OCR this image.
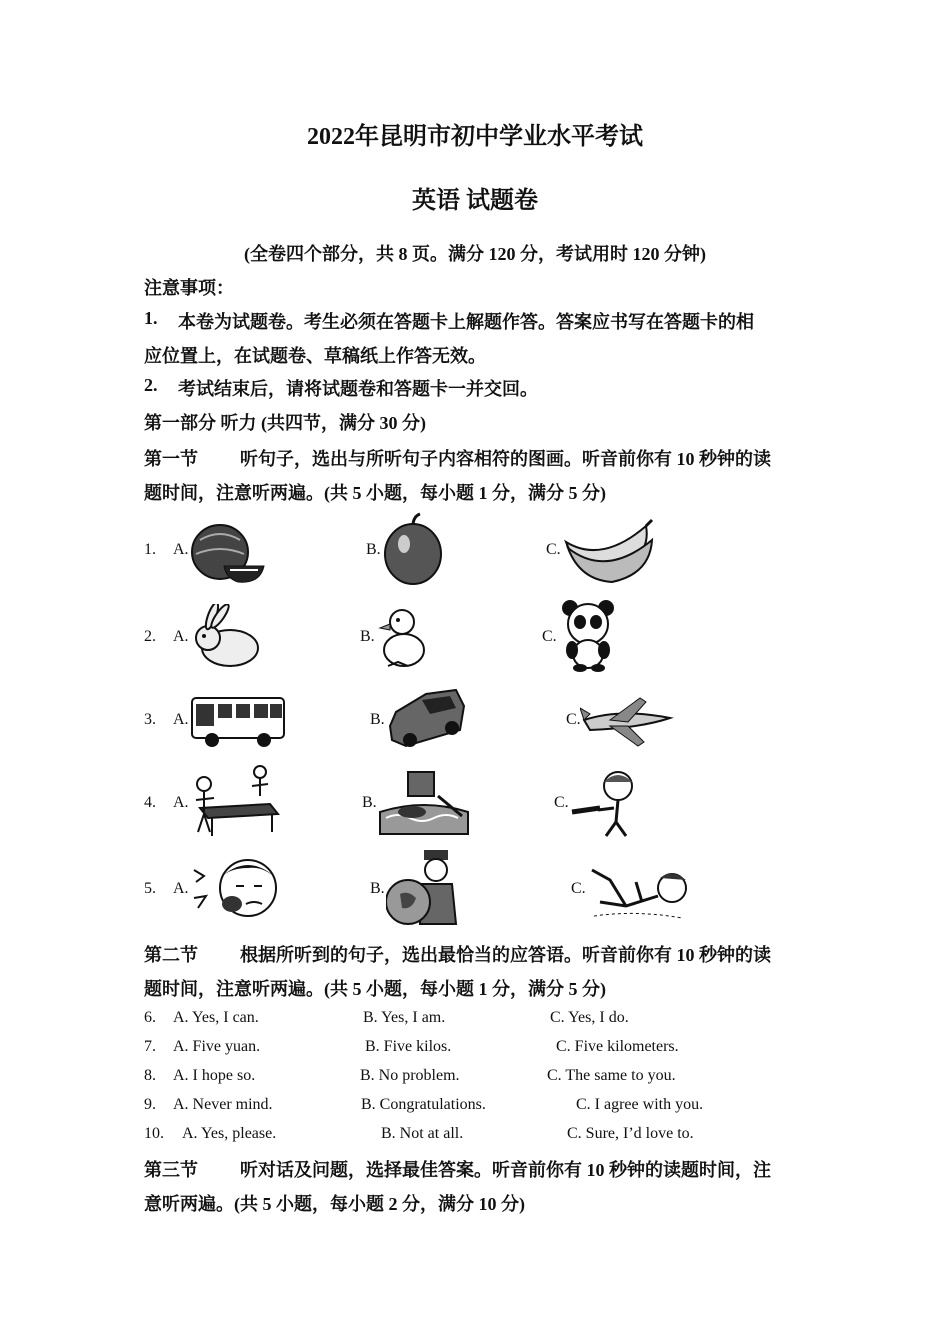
2022年昆明市初中学业水平考试
英语 试题卷
(全卷四个部分，共 8 页。满分 120 分，考试用时 120 分钟)
注意事项：
1. 本卷为试题卷。考生必须在答题卡上解题作答。答案应书写在答题卡的相
应位置上，在试题卷、草稿纸上作答无效。
2. 考试结束后，请将试题卷和答题卡一并交回。
第一部分 听力 (共四节，满分 30 分)
第一节 听句子，选出与所听句子内容相符的图画。听音前你有 10 秒钟的读
题时间，注意听两遍。(共 5 小题，每小题 1 分，满分 5 分)
1. A.	B.	C.
2. A.	B.	C.
3. A.	B.	C.
4. A.	B.	C.
5. A.	B.	C.
第二节 根据所听到的句子，选出最恰当的应答语。听音前你有 10 秒钟的读
题时间，注意听两遍。(共 5 小题，每小题 1 分，满分 5 分)
6. A. Yes, I can.	B. Yes, I am.	C. Yes, I do.
7. A. Five yuan.	B. Five kilos.	C. Five kilometers.
8. A. I hope so.	B. No problem.	C. The same to you.
9. A. Never mind.	B. Congratulations.	C. I agree with you.
10. A. Yes, please.	B. Not at all.	C. Sure, I’d love to.
第三节 听对话及问题，选择最佳答案。听音前你有 10 秒钟的读题时间，注
意听两遍。(共 5 小题，每小题 2 分，满分 10 分)
